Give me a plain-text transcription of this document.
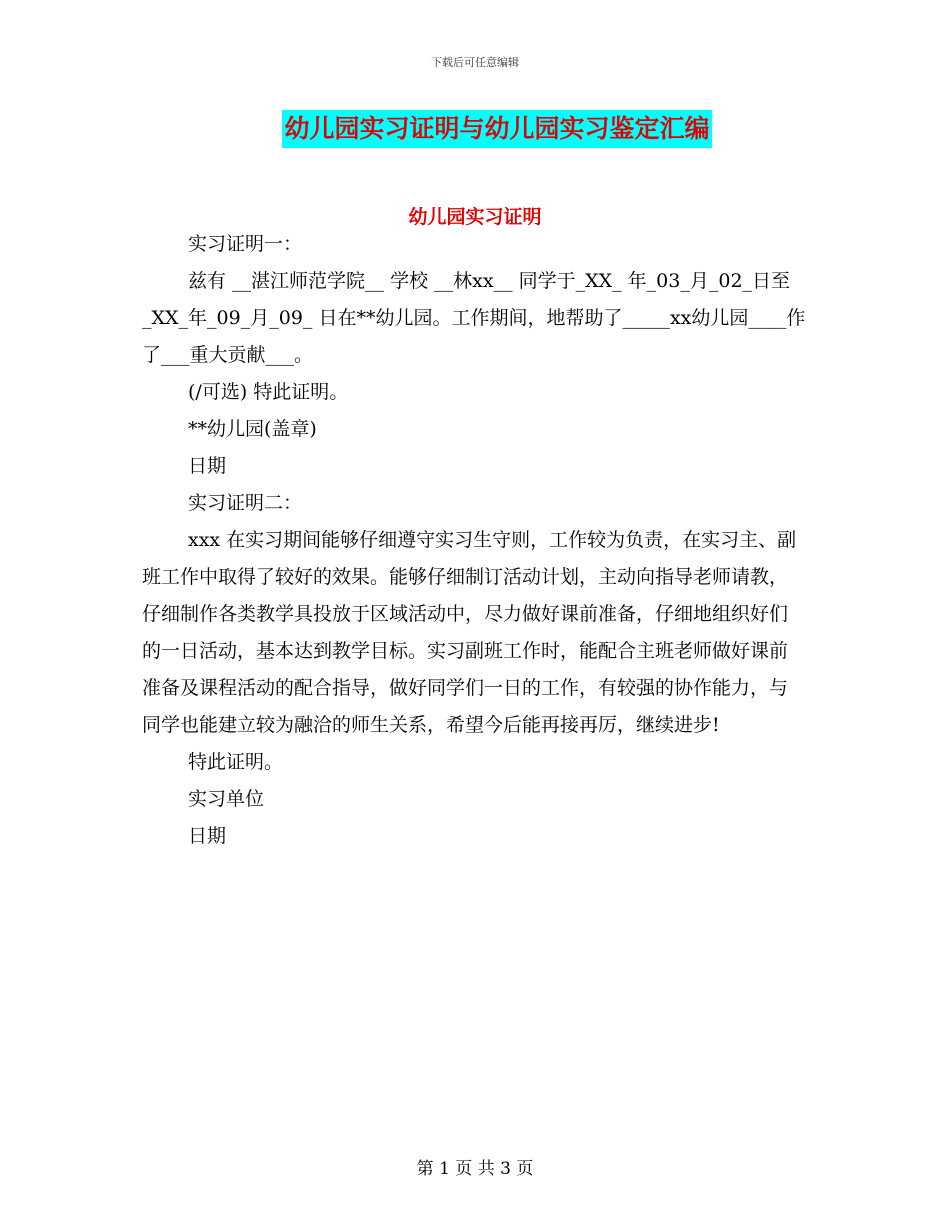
下载后可任意编辑
幼儿园实习证明与幼儿园实习鉴定汇编
幼儿园实习证明

实习证明一：

兹有 __湛江师范学院__ 学校 __林xx__ 同学于_XX_ 年_03_月_02_日至_XX_年_09_月_09_ 日在**幼儿园。工作期间，地帮助了_____xx幼儿园____作了___重大贡献___。

(/可选) 特此证明。

**幼儿园(盖章)

日期

实习证明二：

xxx 在实习期间能够仔细遵守实习生守则，工作较为负责，在实习主、副班工作中取得了较好的效果。能够仔细制订活动计划，主动向指导老师请教，仔细制作各类教学具投放于区域活动中，尽力做好课前准备，仔细地组织好们的一日活动，基本达到教学目标。实习副班工作时，能配合主班老师做好课前准备及课程活动的配合指导，做好同学们一日的工作，有较强的协作能力，与同学也能建立较为融洽的师生关系，希望今后能再接再厉，继续进步!

特此证明。

实习单位

日期

第 1 页 共 3 页
